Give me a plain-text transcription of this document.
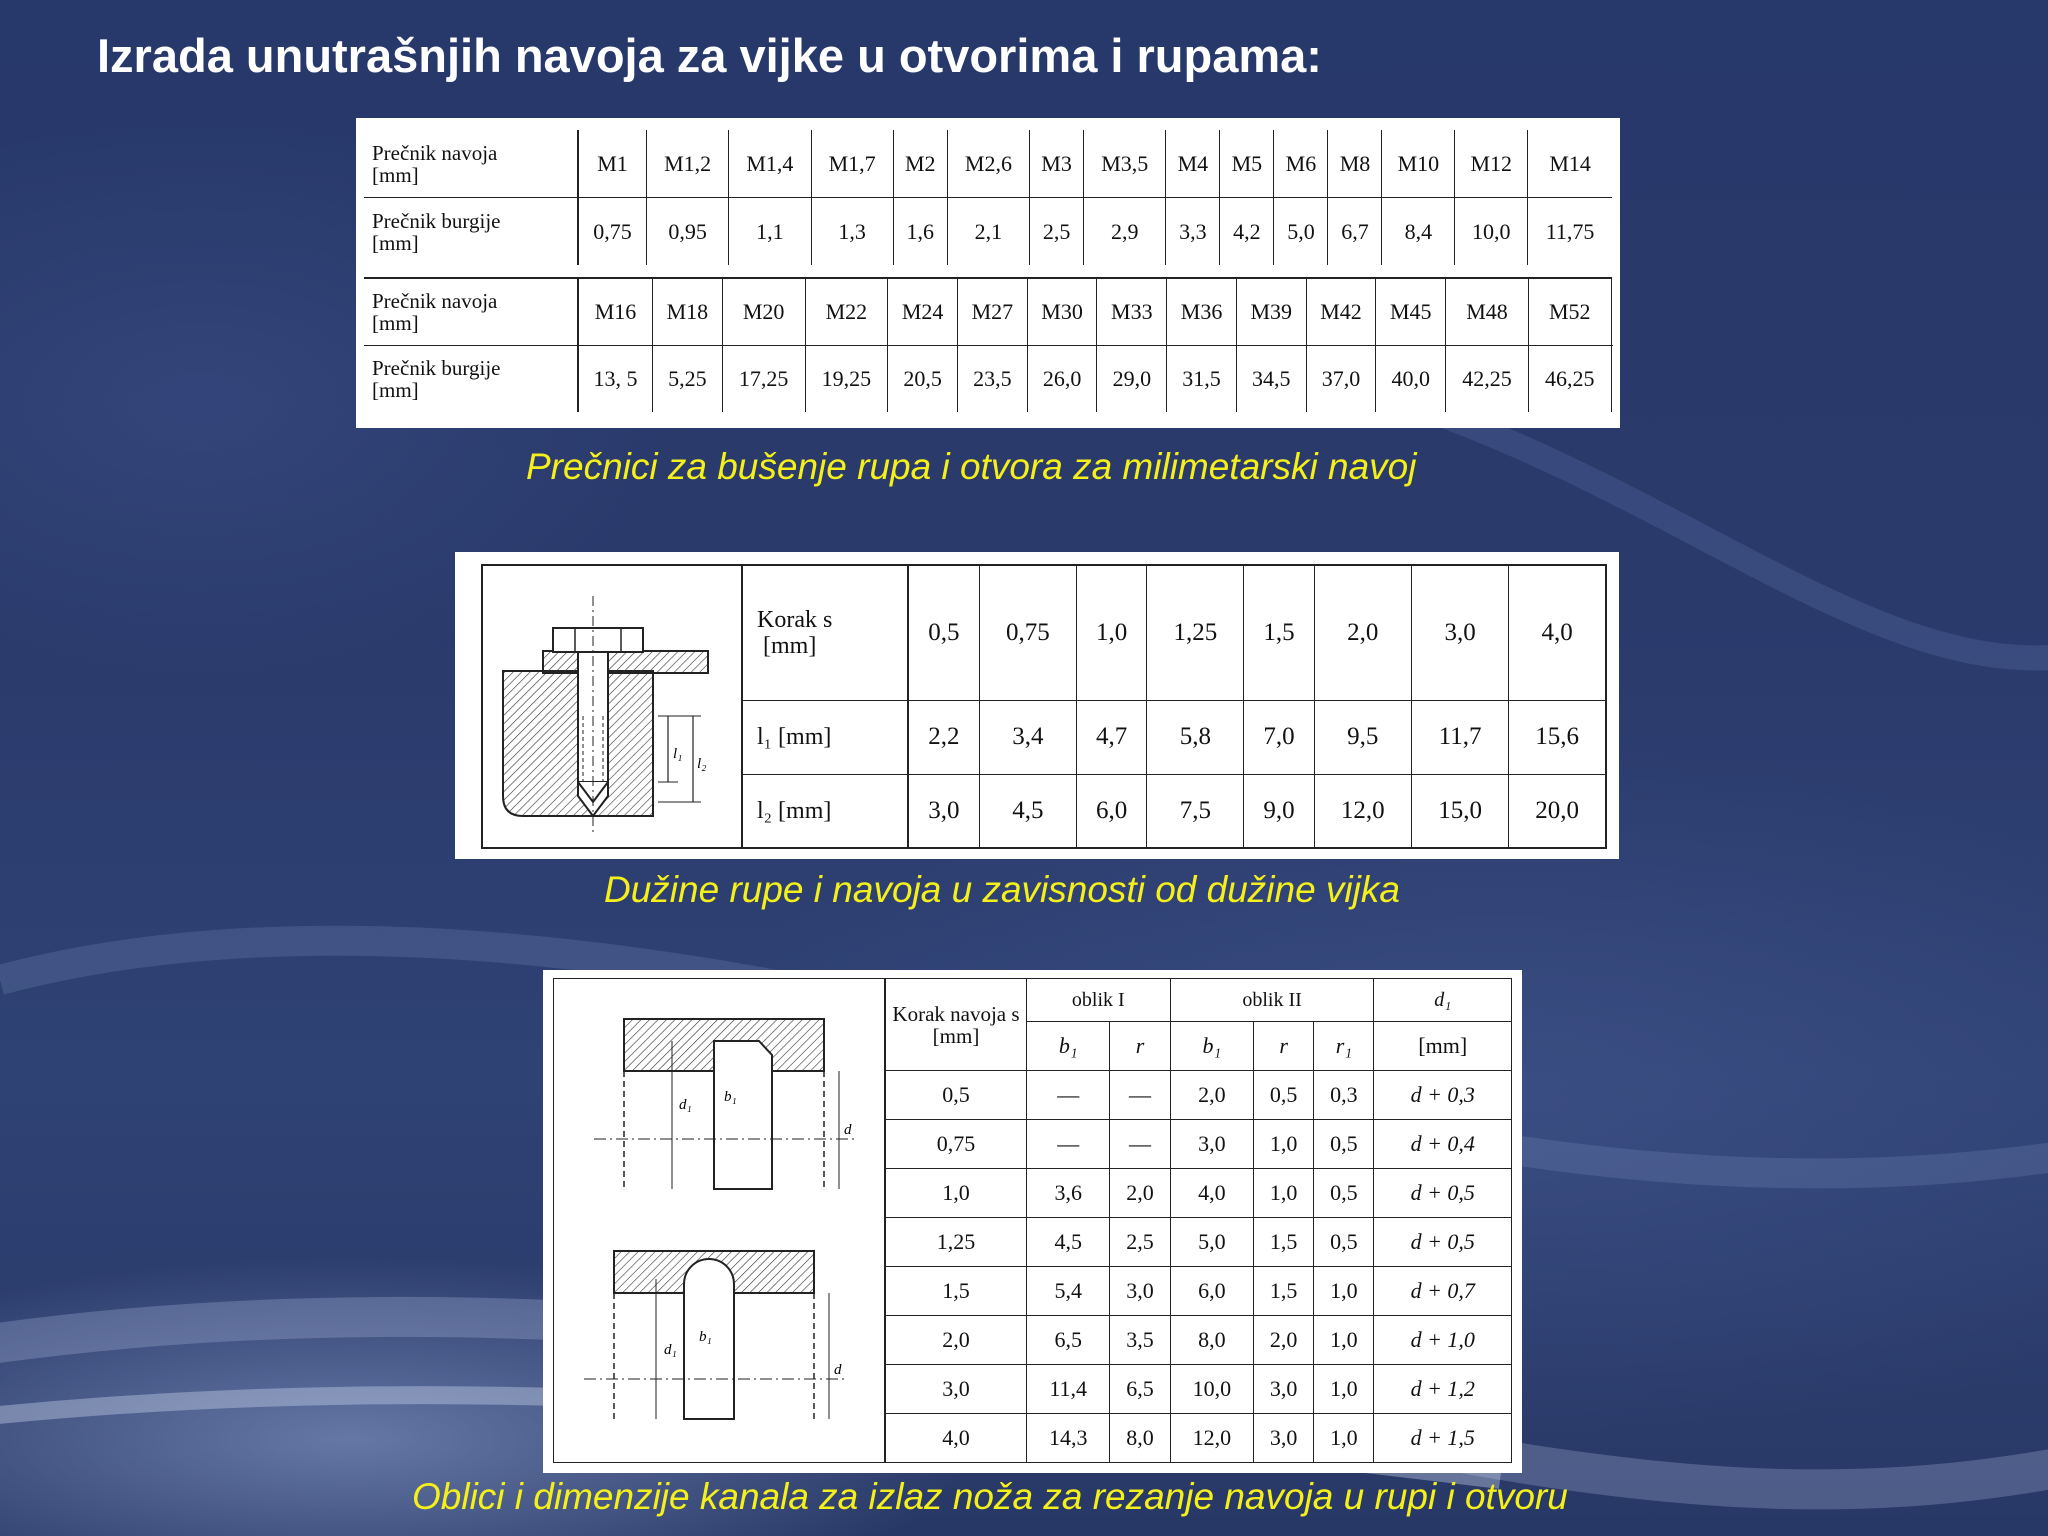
Izrada unutrašnjih navoja za vijke u otvorima i rupama:
Prečnik navoja
[mm]	M1	M1,2	M1,4	M1,7	M2	M2,6	M3	M3,5	M4	M5	M6	M8	M10	M12	M14
Prečnik burgije
[mm]	0,75	0,95	1,1	1,3	1,6	2,1	2,5	2,9	3,3	4,2	5,0	6,7	8,4	10,0	11,75
Prečnik navoja
[mm]	M16	M18	M20	M22	M24	M27	M30	M33	M36	M39	M42	M45	M48	M52	
Prečnik burgije
[mm]	13, 5	5,25	17,25	19,25	20,5	23,5	26,0	29,0	31,5	34,5	37,0	40,0	42,25	46,25	
Prečnici za bušenje rupa i otvora za milimetarski navoj
l₁
l₂
Korak s
[mm]	0,5	0,75	1,0	1,25	1,5	2,0	3,0	4,0
l₁ [mm]	2,2	3,4	4,7	5,8	7,0	9,5	11,7	15,6
l₂ [mm]	3,0	4,5	6,0	7,5	9,0	12,0	15,0	20,0
Dužine rupe i navoja u zavisnosti od dužine vijka
d₁ b₁
d
d₁
b₁
d
Korak navoja s [mm]	oblik I		oblik II			d₁
	b₁	r	b₁	r	r₁	[mm]
0,5	—	—	2,0	0,5	0,3	d + 0,3
0,75	—	—	3,0	1,0	0,5	d + 0,4
1,0	3,6	2,0	4,0	1,0	0,5	d + 0,5
1,25	4,5	2,5	5,0	1,5	0,5	d + 0,5
1,5	5,4	3,0	6,0	1,5	1,0	d + 0,7
2,0	6,5	3,5	8,0	2,0	1,0	d + 1,0
3,0	11,4	6,5	10,0	3,0	1,0	d + 1,2
4,0	14,3	8,0	12,0	3,0	1,0	d + 1,5
Oblici i dimenzije kanala za izlaz noža za rezanje navoja u rupi i otvoru
